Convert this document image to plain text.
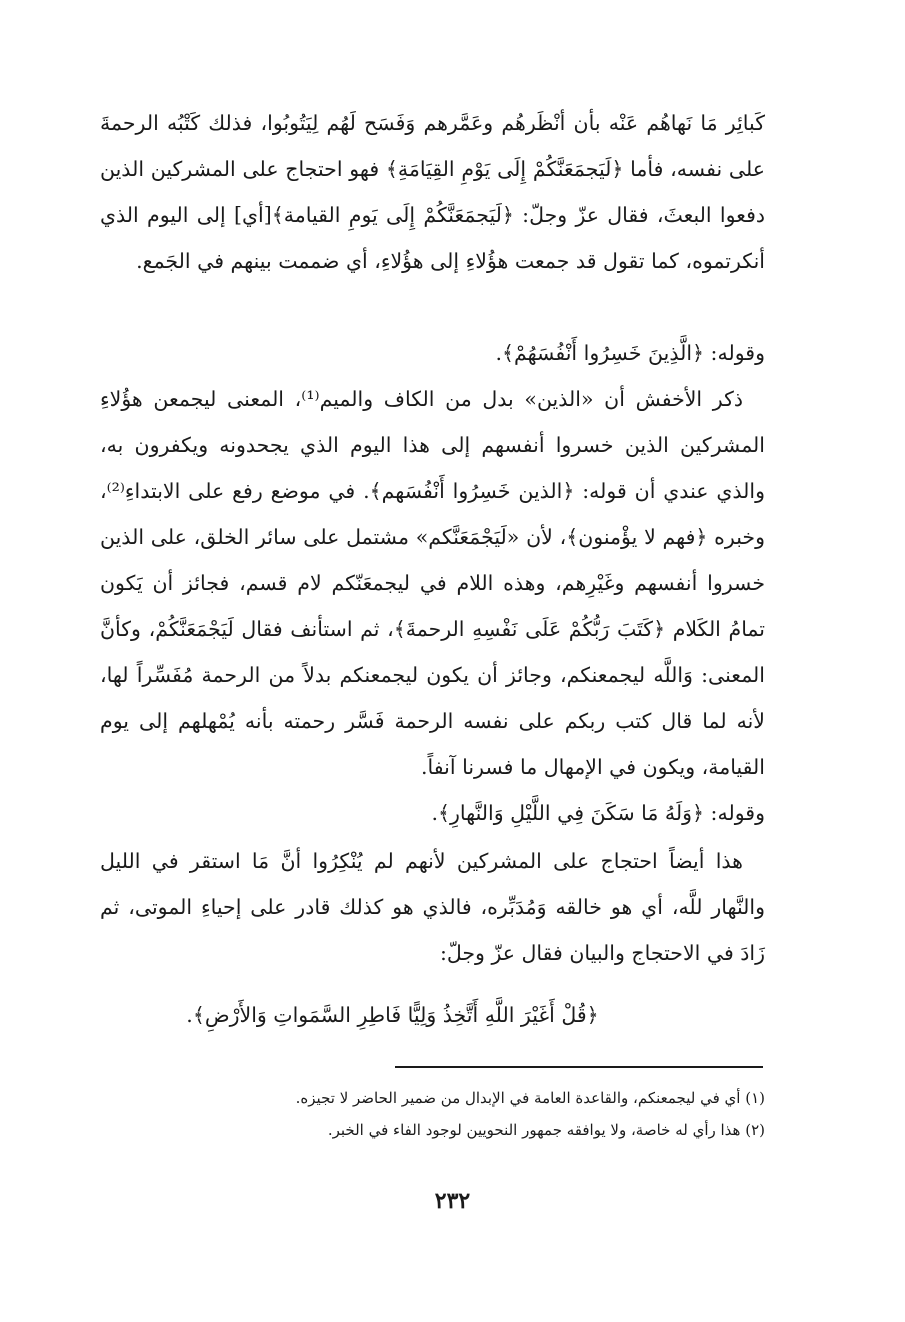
كَبائِر مَا نَهاهُم عَنْه بأن أنْظَرهُم وعَمَّرهم وَفَسَح لَهُم لِيَتُوبُوا، فذلك كَتْبُه الرحمةَ على نفسه، فأما ﴿لَيَجمَعَنَّكُمْ إِلَى يَوْمِ القِيَامَةِ﴾ فهو احتجاج على المشركين الذين دفعوا البعثَ، فقال عزّ وجلّ: ﴿لَيَجمَعَنَّكُمْ إِلَى يَومِ القيامة﴾[أي] إلى اليوم الذي أنكرتموه، كما تقول قد جمعت هؤُلاءِ إلى هؤُلاءِ، أي ضممت بينهم في الجَمع.

وقوله: ﴿الَّذِينَ خَسِرُوا أَنْفُسَهُمْ﴾.

ذكر الأخفش أن «الذين» بدل من الكاف والميم⁽¹⁾، المعنى ليجمعن هؤُلاءِ المشركين الذين خسروا أنفسهم إلى هذا اليوم الذي يجحدونه ويكفرون به، والذي عندي أن قوله: ﴿الذين خَسِرُوا أَنْفُسَهم﴾. في موضع رفع على الابتداءِ⁽²⁾، وخبره ﴿فهم لا يؤْمنون﴾، لأن «لَيَجْمَعَنَّكم» مشتمل على سائر الخلق، على الذين خسروا أنفسهم وغَيْرِهم، وهذه اللام في ليجمعَنّكم لام قسم، فجائز أن يَكون تمامُ الكَلام ﴿كَتَبَ رَبُّكُمْ عَلَى نَفْسِهِ الرحمةَ﴾، ثم استأنف فقال لَيَجْمَعَنَّكُمْ، وكأنَّ المعنى: وَاللَّه ليجمعنكم، وجائز أن يكون ليجمعنكم بدلاً من الرحمة مُفَسِّراً لها، لأنه لما قال كتب ربكم على نفسه الرحمة فَسَّر رحمته بأنه يُمْهلهم إلى يوم القيامة، ويكون في الإمهال ما فسرنا آنفاً.

وقوله: ﴿وَلَهُ مَا سَكَنَ فِي اللَّيْلِ وَالنَّهارِ﴾.

هذا أيضاً احتجاج على المشركين لأنهم لم يُنْكِرُوا أنَّ مَا استقر في الليل والنَّهار للَّه، أي هو خالقه وَمُدَبِّره، فالذي هو كذلك قادر على إحياءِ الموتى، ثم زَادَ في الاحتجاج والبيان فقال عزّ وجلّ:

﴿قُلْ أَغَيْرَ اللَّهِ أَتَّخِذُ وَلِيًّا فَاطِرِ السَّمَواتِ وَالأَرْضِ﴾.

(١) أي في ليجمعنكم، والقاعدة العامة في الإبدال من ضمير الحاضر لا تجيزه.

(٢) هذا رأي له خاصة، ولا يوافقه جمهور النحويين لوجود الفاء في الخبر.

٢٣٢
